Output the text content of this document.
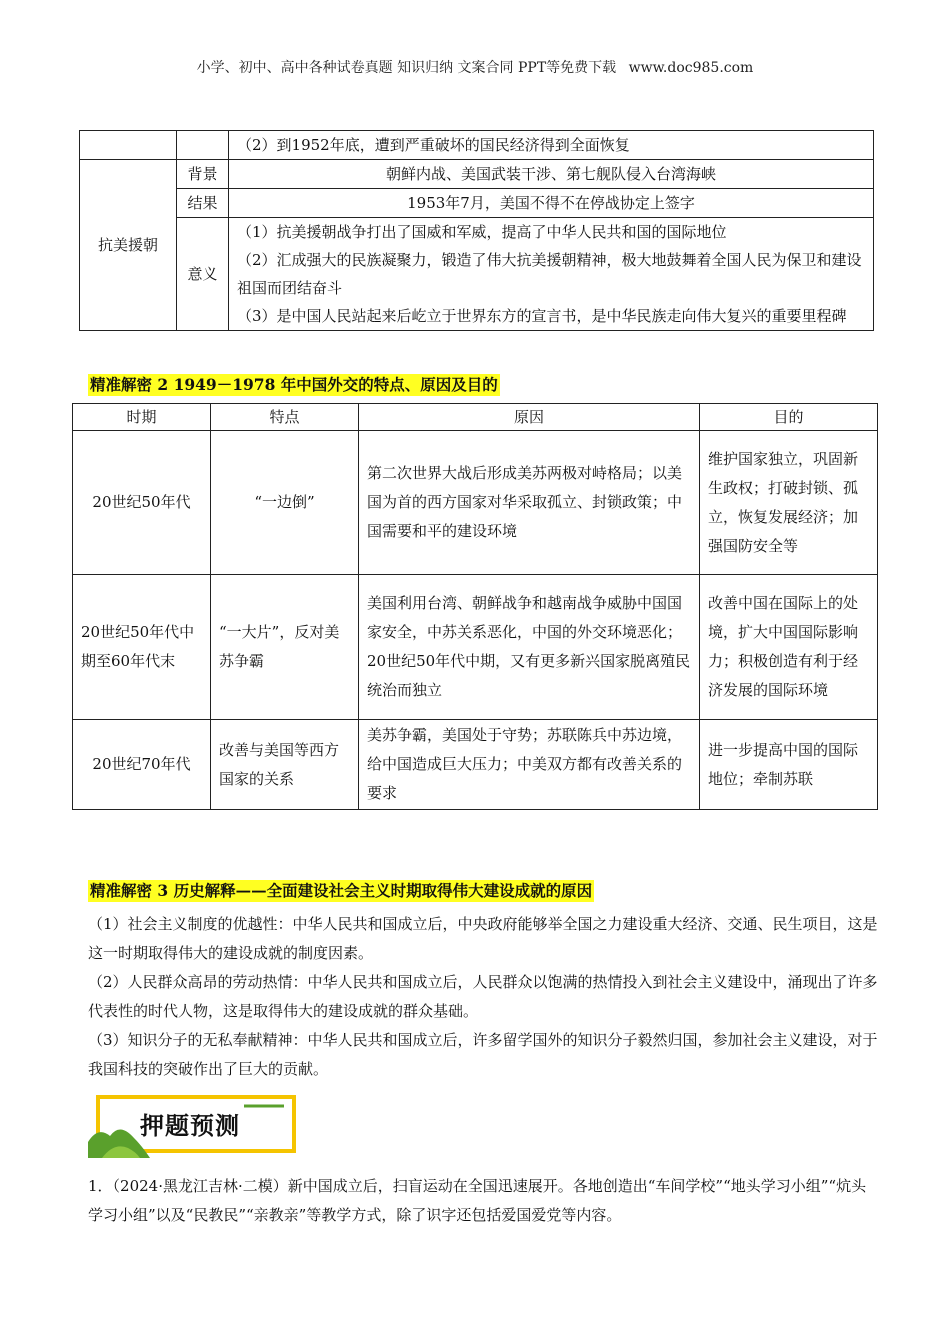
小学、初中、高中各种试卷真题 知识归纳 文案合同 PPT等免费下载 www.doc985.com
		（2）到1952年底，遭到严重破坏的国民经济得到全面恢复
抗美援朝	背景	朝鲜内战、美国武装干涉、第七舰队侵入台湾海峡
	结果	1953年7月，美国不得不在停战协定上签字
	意义	（1）抗美援朝战争打出了国威和军威，提高了中华人民共和国的国际地位
（2）汇成强大的民族凝聚力，锻造了伟大抗美援朝精神，极大地鼓舞着全国人民为保卫和建设祖国而团结奋斗
（3）是中国人民站起来后屹立于世界东方的宣言书，是中华民族走向伟大复兴的重要里程碑
精准解密 2 1949－1978 年中国外交的特点、原因及目的
时期	特点	原因	目的
20世纪50年代	“一边倒”	第二次世界大战后形成美苏两极对峙格局；以美国为首的西方国家对华采取孤立、封锁政策；中国需要和平的建设环境	维护国家独立，巩固新生政权；打破封锁、孤立，恢复发展经济；加强国防安全等
20世纪50年代中期至60年代末	“一大片”，反对美苏争霸	美国利用台湾、朝鲜战争和越南战争威胁中国国家安全，中苏关系恶化，中国的外交环境恶化；20世纪50年代中期，又有更多新兴国家脱离殖民统治而独立	改善中国在国际上的处境，扩大中国国际影响力；积极创造有利于经济发展的国际环境
20世纪70年代	改善与美国等西方国家的关系	美苏争霸，美国处于守势；苏联陈兵中苏边境，给中国造成巨大压力；中美双方都有改善关系的要求	进一步提高中国的国际地位；牵制苏联
精准解密 3 历史解释——全面建设社会主义时期取得伟大建设成就的原因

（1）社会主义制度的优越性：中华人民共和国成立后，中央政府能够举全国之力建设重大经济、交通、民生项目，这是这一时期取得伟大的建设成就的制度因素。

（2）人民群众高昂的劳动热情：中华人民共和国成立后，人民群众以饱满的热情投入到社会主义建设中，涌现出了许多代表性的时代人物，这是取得伟大的建设成就的群众基础。

（3）知识分子的无私奉献精神：中华人民共和国成立后，许多留学国外的知识分子毅然归国，参加社会主义建设，对于我国科技的突破作出了巨大的贡献。

押题预测

1．（2024·黑龙江吉林·二模）新中国成立后，扫盲运动在全国迅速展开。各地创造出“车间学校”“地头学习小组”“炕头学习小组”以及“民教民”“亲教亲”等教学方式，除了识字还包括爱国爱党等内容。
